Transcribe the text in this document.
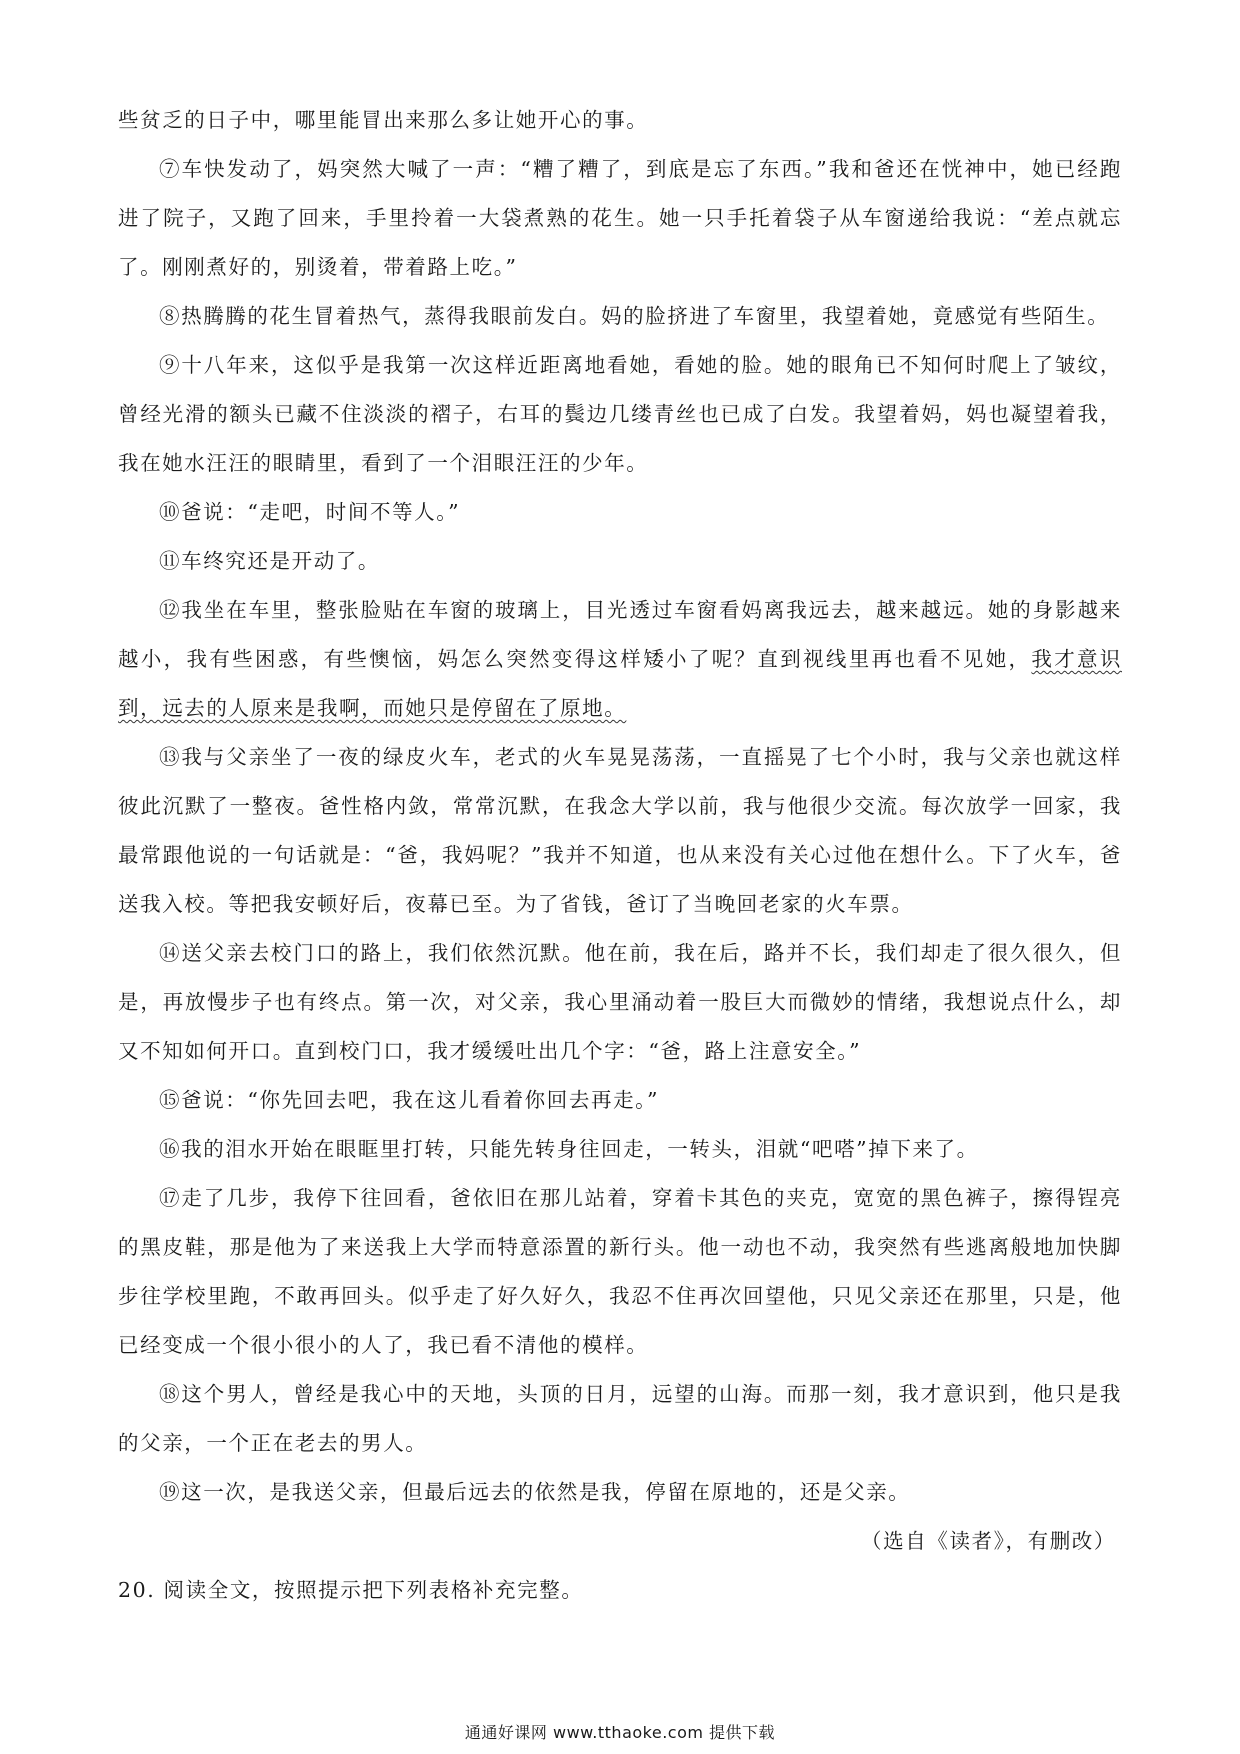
些贫乏的日子中，哪里能冒出来那么多让她开心的事。

⑦车快发动了，妈突然大喊了一声：“糟了糟了，到底是忘了东西。”我和爸还在恍神中，她已经跑进了院子，又跑了回来，手里拎着一大袋煮熟的花生。她一只手托着袋子从车窗递给我说：“差点就忘了。刚刚煮好的，别烫着，带着路上吃。”

⑧热腾腾的花生冒着热气，蒸得我眼前发白。妈的脸挤进了车窗里，我望着她，竟感觉有些陌生。

⑨十八年来，这似乎是我第一次这样近距离地看她，看她的脸。她的眼角已不知何时爬上了皱纹，曾经光滑的额头已藏不住淡淡的褶子，右耳的鬓边几缕青丝也已成了白发。我望着妈，妈也凝望着我，我在她水汪汪的眼睛里，看到了一个泪眼汪汪的少年。

⑩爸说：“走吧，时间不等人。”

⑪车终究还是开动了。

⑫我坐在车里，整张脸贴在车窗的玻璃上，目光透过车窗看妈离我远去，越来越远。她的身影越来越小，我有些困惑，有些懊恼，妈怎么突然变得这样矮小了呢？直到视线里再也看不见她，我才意识到，远去的人原来是我啊，而她只是停留在了原地。

⑬我与父亲坐了一夜的绿皮火车，老式的火车晃晃荡荡，一直摇晃了七个小时，我与父亲也就这样彼此沉默了一整夜。爸性格内敛，常常沉默，在我念大学以前，我与他很少交流。每次放学一回家，我最常跟他说的一句话就是：“爸，我妈呢？”我并不知道，也从来没有关心过他在想什么。下了火车，爸送我入校。等把我安顿好后，夜幕已至。为了省钱，爸订了当晚回老家的火车票。

⑭送父亲去校门口的路上，我们依然沉默。他在前，我在后，路并不长，我们却走了很久很久，但是，再放慢步子也有终点。第一次，对父亲，我心里涌动着一股巨大而微妙的情绪，我想说点什么，却又不知如何开口。直到校门口，我才缓缓吐出几个字：“爸，路上注意安全。”

⑮爸说：“你先回去吧，我在这儿看着你回去再走。”

⑯我的泪水开始在眼眶里打转，只能先转身往回走，一转头，泪就“吧嗒”掉下来了。

⑰走了几步，我停下往回看，爸依旧在那儿站着，穿着卡其色的夹克，宽宽的黑色裤子，擦得锃亮的黑皮鞋，那是他为了来送我上大学而特意添置的新行头。他一动也不动，我突然有些逃离般地加快脚步往学校里跑，不敢再回头。似乎走了好久好久，我忍不住再次回望他，只见父亲还在那里，只是，他已经变成一个很小很小的人了，我已看不清他的模样。

⑱这个男人，曾经是我心中的天地，头顶的日月，远望的山海。而那一刻，我才意识到，他只是我的父亲，一个正在老去的男人。

⑲这一次，是我送父亲，但最后远去的依然是我，停留在原地的，还是父亲。

（选自《读者》，有删改）

20. 阅读全文，按照提示把下列表格补充完整。

通通好课网 www.tthaoke.com 提供下载
